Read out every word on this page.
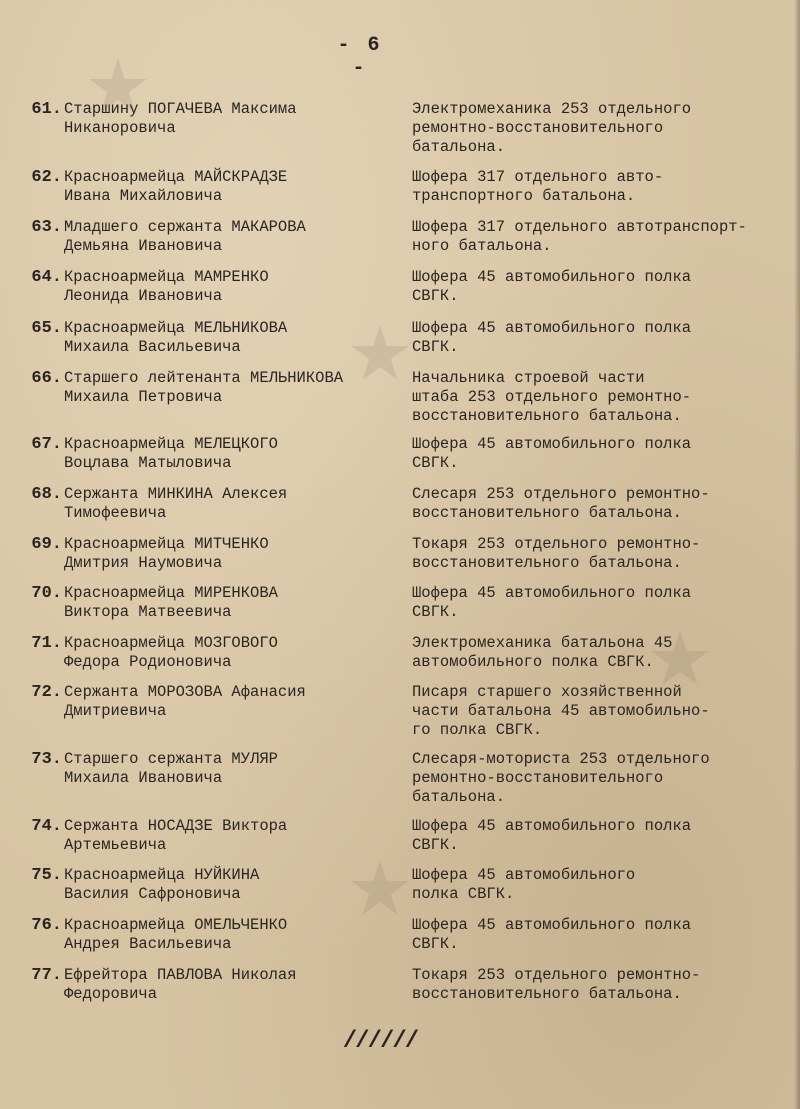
- 6 -
61. Старшину ПОГАЧЕВА Максима
Никаноровича
Электромеханика 253 отдельного
ремонтно-восстановительного
батальона.
62. Красноармейца МАЙСКРАДЗЕ
Ивана Михайловича
Шофера 317 отдельного авто-
транспортного батальона.
63. Младшего сержанта МАКАРОВА
Демьяна Ивановича
Шофера 317 отдельного автотранспорт-
ного батальона.
64. Красноармейца МАМРЕНКО
Леонида Ивановича
Шофера 45 автомобильного полка
СВГК.
65. Красноармейца МЕЛЬНИКОВА
Михаила Васильевича
Шофера 45 автомобильного полка
СВГК.
66. Старшего лейтенанта МЕЛЬНИКОВА
Михаила Петровича
Начальника строевой части
штаба 253 отдельного ремонтно-
восстановительного батальона.
67. Красноармейца МЕЛЕЦКОГО
Воцлава Матыловича
Шофера 45 автомобильного полка
СВГК.
68. Сержанта МИНКИНА Алексея
Тимофеевича
Слесаря 253 отдельного ремонтно-
восстановительного батальона.
69. Красноармейца МИТЧЕНКО
Дмитрия Наумовича
Токаря 253 отдельного ремонтно-
восстановительного батальона.
70. Красноармейца МИРЕНКОВА
Виктора Матвеевича
Шофера 45 автомобильного полка
СВГК.
71. Красноармейца МОЗГОВОГО
Федора Родионовича
Электромеханика батальона 45
автомобильного полка СВГК.
72. Сержанта МОРОЗОВА Афанасия
Дмитриевича
Писаря старшего хозяйственной
части батальона 45 автомобильно-
го полка СВГК.
73. Старшего сержанта МУЛЯР
Михаила Ивановича
Слесаря-моториста 253 отдельного
ремонтно-восстановительного
батальона.
74. Сержанта НОСАДЗЕ Виктора
Артемьевича
Шофера 45 автомобильного полка
СВГК.
75. Красноармейца НУЙКИНА
Василия Сафроновича
Шофера 45 автомобильного
полка СВГК.
76. Красноармейца ОМЕЛЬЧЕНКО
Андрея Васильевича
Шофера 45 автомобильного полка
СВГК.
77. Ефрейтора ПАВЛОВА Николая
Федоровича
Токаря 253 отдельного ремонтно-
восстановительного батальона.
//////
